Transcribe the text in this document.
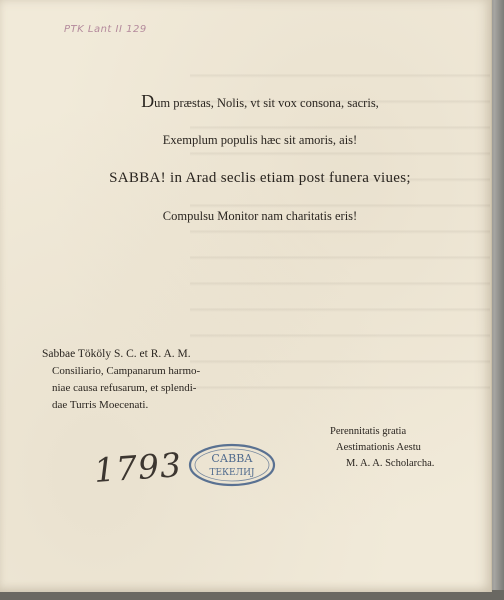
PTK Lant II 129
Dum præstas, Nolis, vt sit vox consona, sacris,
Exemplum populis hæc sit amoris, ais!
SABBA! in Arad seclis etiam post funera viues;
Compulsu Monitor nam charitatis eris!
Sabbae Tököly S. C. et R. A. M.
Consiliario, Campanarum harmo-
niae causa refusarum, et splendi-
dae Turris Moecenati.
Perennitatis gratia
Aestimationis Aestu
M. A. A. Scholarcha.
1793	САВВА
ТЕКЕЛИЈ
